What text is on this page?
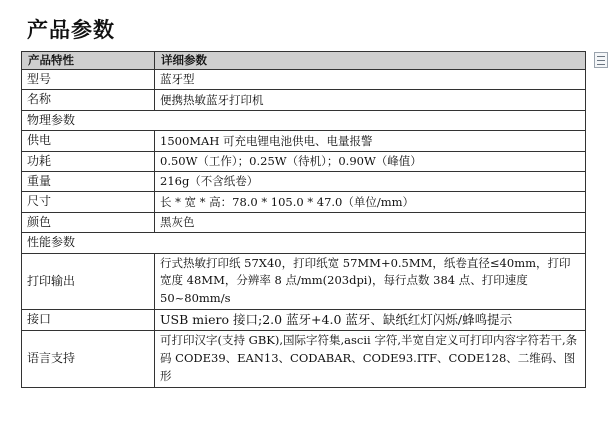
产品参数
产品特性	详细参数
型号	蓝牙型
名称	便携热敏蓝牙打印机
物理参数	
供电	1500MAH 可充电锂电池供电、电量报警
功耗	0.50W（工作）；0.25W（待机）；0.90W（峰值）
重量	216g（不含纸卷）
尺寸	长 * 宽 * 高：78.0 * 105.0 * 47.0（单位/mm）
颜色	黑灰色
性能参数	
打印输出	行式热敏打印纸 57X40，打印纸宽 57MM+0.5MM，纸卷直径≤40mm，打印宽度 48MM，分辨率 8 点/mm(203dpi)，每行点数 384 点、打印速度 50~80mm/s
接口	USB miero 接口;2.0 蓝牙+4.0 蓝牙、缺纸红灯闪烁/蜂鸣提示
语言支持	可打印汉字(支持 GBK),国际字符集,ascii 字符,半宽自定义可打印内容字符若干,条码 CODE39、EAN13、CODABAR、CODE93.ITF、CODE128、二维码、图形
